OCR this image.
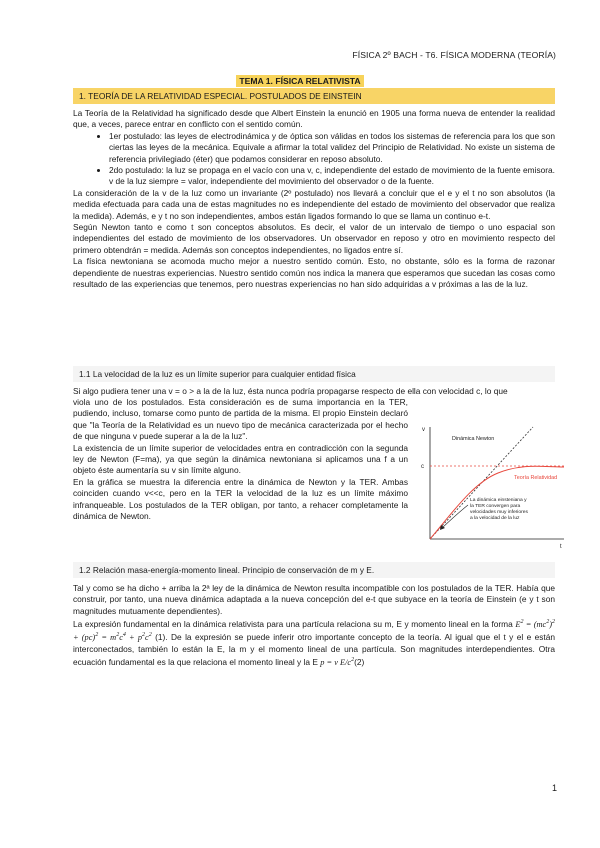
FÍSICA 2º BACH - T6. FÍSICA MODERNA (TEORÍA)
TEMA 1. FÍSICA RELATIVISTA
1. TEORÍA DE LA RELATIVIDAD ESPECIAL. POSTULADOS DE EINSTEIN

La Teoría de la Relatividad ha significado desde que Albert Einstein la enunció en 1905 una forma nueva de entender la realidad que, a veces, parece entrar en conflicto con el sentido común.

• 1er postulado: las leyes de electrodinámica y de óptica son válidas en todos los sistemas de referencia para los que son ciertas las leyes de la mecánica. Equivale a afirmar la total validez del Principio de Relatividad. No existe un sistema de referencia privilegiado (éter) que podamos considerar en reposo absoluto.
• 2do postulado: la luz se propaga en el vacío con una v, c, independiente del estado de movimiento de la fuente emisora. v de la luz siempre = valor, independiente del movimiento del observador o de la fuente.

La consideración de la v de la luz como un invariante (2º postulado) nos llevará a concluir que el e y el t no son absolutos (la medida efectuada para cada una de estas magnitudes no es independiente del estado de movimiento del observador que realiza la medida). Además, e y t no son independientes, ambos están ligados formando lo que se llama un continuo e-t.

Según Newton tanto e como t son conceptos absolutos. Es decir, el valor de un intervalo de tiempo o uno espacial son independientes del estado de movimiento de los observadores. Un observador en reposo y otro en movimiento respecto del primero obtendrán = medida. Además son conceptos independientes, no ligados entre sí.

La física newtoniana se acomoda mucho mejor a nuestro sentido común. Esto, no obstante, sólo es la forma de razonar dependiente de nuestras experiencias. Nuestro sentido común nos indica la manera que esperamos que sucedan las cosas como resultado de las experiencias que tenemos, pero nuestras experiencias no han sido adquiridas a v próximas a las de la luz.

1.1 La velocidad de la luz es un límite superior para cualquier entidad física
Si algo pudiera tener una v = o > a la de la luz, ésta nunca podría propagarse respecto de ella con velocidad c, lo que

viola uno de los postulados. Esta consideración es de suma importancia en la TER, pudiendo, incluso, tomarse como punto de partida de la misma. El propio Einstein declaró que "la Teoría de la Relatividad es un nuevo tipo de mecánica caracterizada por el hecho de que ninguna v puede superar a la de la luz".

La existencia de un límite superior de velocidades entra en contradicción con la segunda ley de Newton (F=ma), ya que según la dinámica newtoniana si aplicamos una f a un objeto éste aumentaría su v sin límite alguno.

En la gráfica se muestra la diferencia entre la dinámica de Newton y la TER. Ambas coinciden cuando v<<c, pero en la TER la velocidad de la luz es un límite máximo infranqueable. Los postulados de la TER obligan, por tanto, a rehacer completamente la dinámica de Newton.

v
t
c
Dinámica Newton
Teoría Relatividad
La dinámica einsteniana y
la TER convergen para
velocidades muy inferiores
a la velocidad de la luz
1.2 Relación masa-energía-momento lineal. Principio de conservación de m y E.

Tal y como se ha dicho + arriba la 2ª ley de la dinámica de Newton resulta incompatible con los postulados de la TER. Había que construir, por tanto, una nueva dinámica adaptada a la nueva concepción del e-t que subyace en la teoría de Einstein (e y t son magnitudes mutuamente dependientes).

La expresión fundamental en la dinámica relativista para una partícula relaciona su m, E y momento lineal en la forma $E^2 = (mc^2)^2 + (pc)^2 = m^2c^4 + p^2c^2$ (1). De la expresión se puede inferir otro importante concepto de la teoría. Al igual que el t y el e están interconectados, también lo están la E, la m y el momento lineal de una partícula. Son magnitudes interdependientes. Otra ecuación fundamental es la que relaciona el momento lineal y la E p = v $E/c^2(2)$

1
